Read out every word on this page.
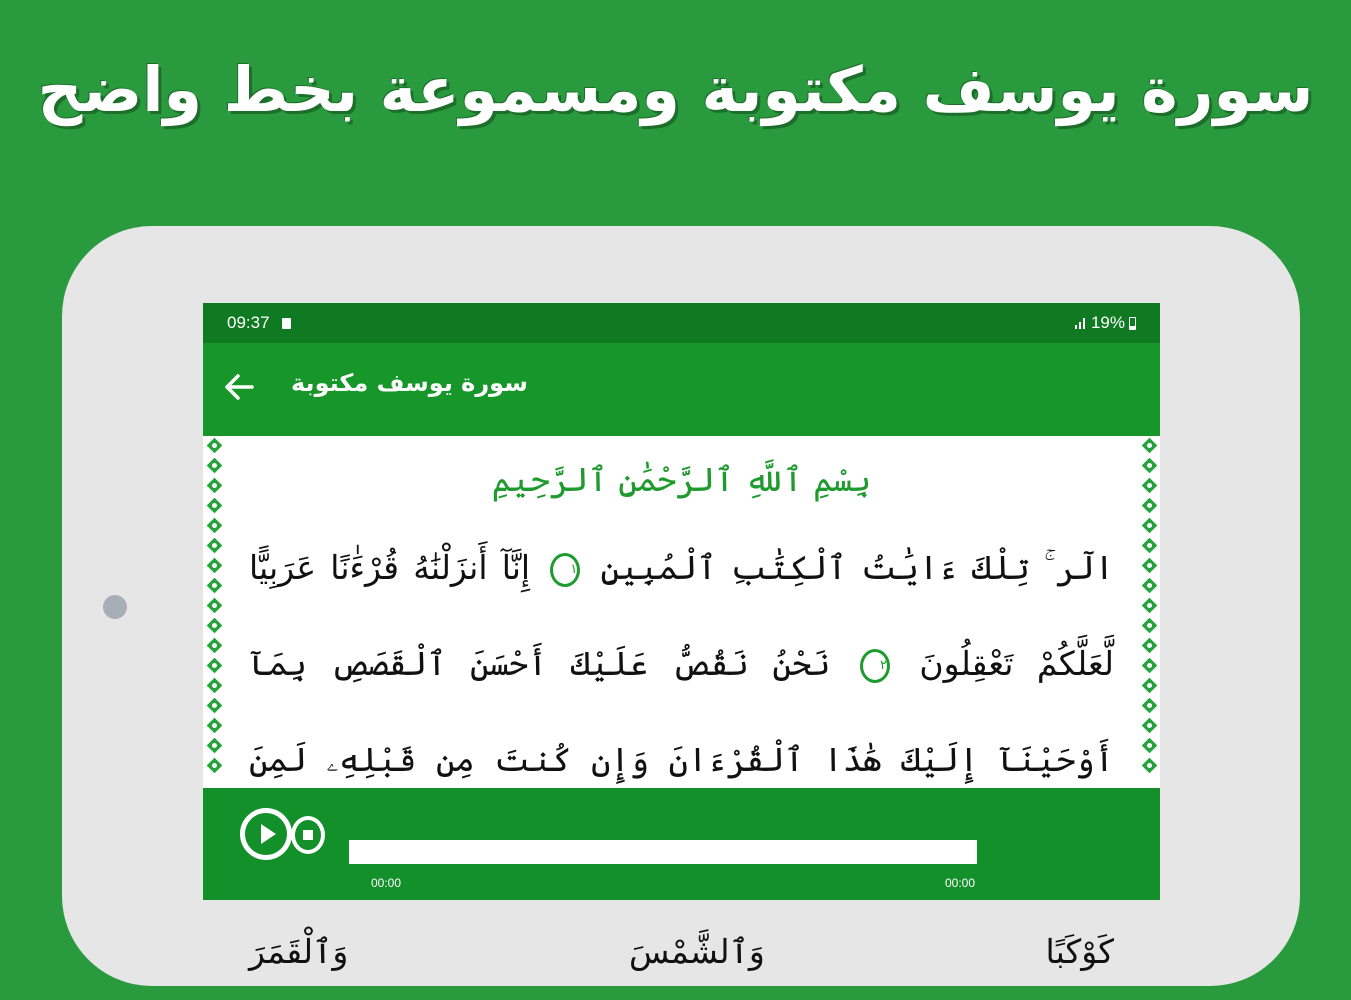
سورة يوسف مكتوبة ومسموعة بخط واضح
09:37	19%
سورة يوسف مكتوبة
بِسْمِ ٱللَّهِ ٱلرَّحْمَٰنِ ٱلرَّحِيمِ
الٓر ۚ تِلْكَ ءَايَٰتُ ٱلْكِتَٰبِ ٱلْمُبِينِ ١ إِنَّآ أَنزَلْنَٰهُ قُرْءَٰنًا عَرَبِيًّا لَّعَلَّكُمْ تَعْقِلُونَ ٢ نَحْنُ نَقُصُّ عَلَيْكَ أَحْسَنَ ٱلْقَصَصِ بِمَآ أَوْحَيْنَآ إِلَيْكَ هَٰذَا ٱلْقُرْءَانَ وَإِن كُنتَ مِن قَبْلِهِۦ لَمِنَ  كَوْكَبًا وَٱلشَّمْسَ وَٱلْقَمَرَ
00:00	00:00
